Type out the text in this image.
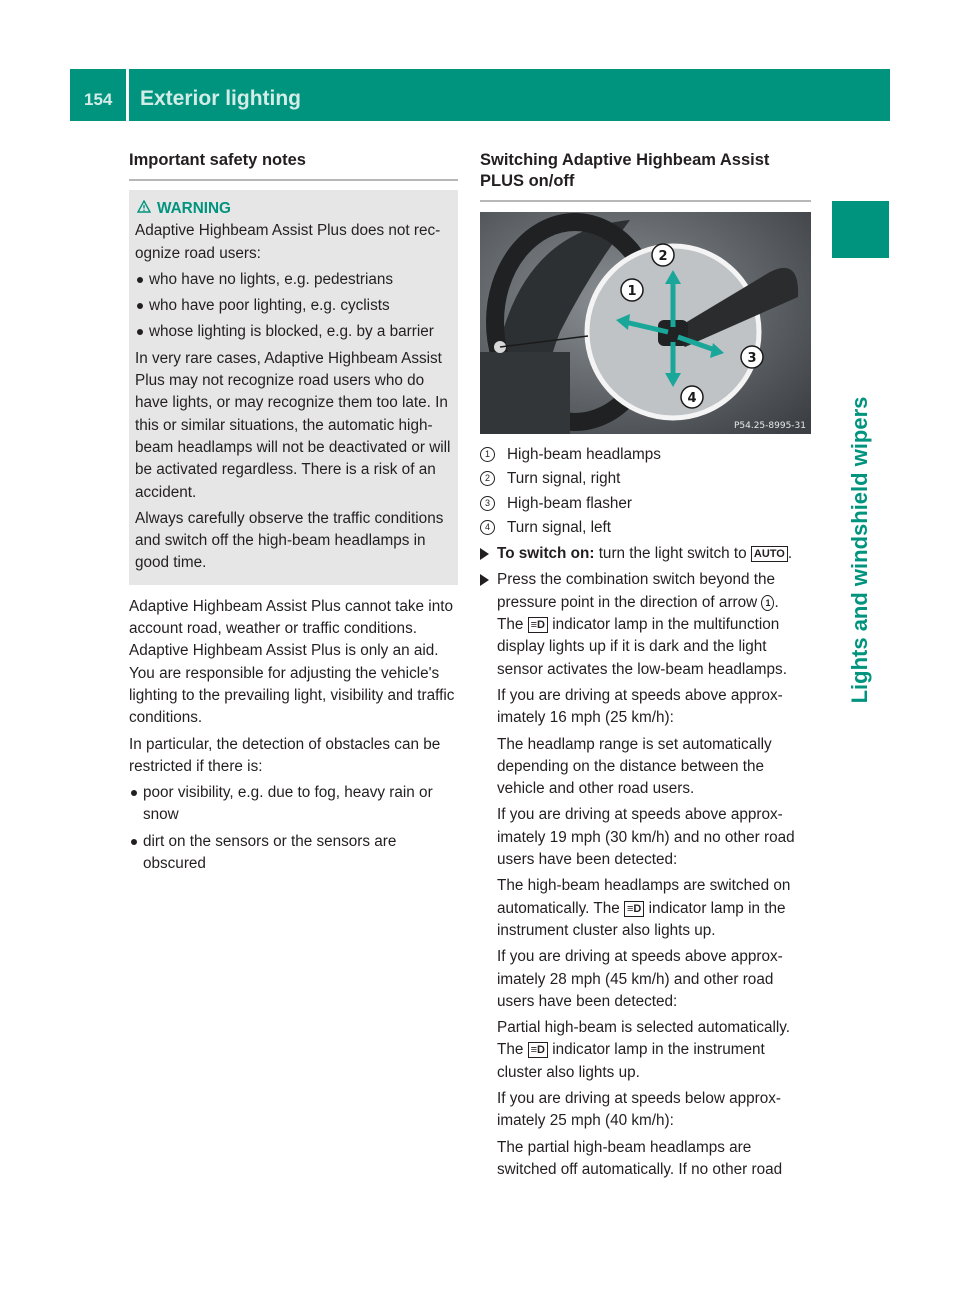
154	Exterior lighting
Lights and windshield wipers
Important safety notes
WARNING

Adaptive Highbeam Assist Plus does not recognize road users:

who have no lights, e.g. pedestrians
who have poor lighting, e.g. cyclists
whose lighting is blocked, e.g. by a barrier

In very rare cases, Adaptive Highbeam Assist Plus may not recognize road users who do have lights, or may recognize them too late. In this or similar situations, the automatic high-beam headlamps will not be deactivated or will be activated regardless. There is a risk of an accident.

Always carefully observe the traffic conditions and switch off the high-beam headlamps in good time.

Adaptive Highbeam Assist Plus cannot take into account road, weather or traffic conditions. Adaptive Highbeam Assist Plus is only an aid. You are responsible for adjusting the vehicle's lighting to the prevailing light, visibility and traffic conditions.

In particular, the detection of obstacles can be restricted if there is:

poor visibility, e.g. due to fog, heavy rain or snow
dirt on the sensors or the sensors are obscured
Switching Adaptive Highbeam Assist PLUS on/off
1
2
3
4
P54.25-8995-31
1	High-beam headlamps
2	Turn signal, right
3	High-beam flasher
4	Turn signal, left
To switch on: turn the light switch to AUTO .
Press the combination switch beyond the pressure point in the direction of arrow 1 .

The ≡D indicator lamp in the multifunction display lights up if it is dark and the light sensor activates the low-beam headlamps.

If you are driving at speeds above approximately 16 mph (25 km/h):

The headlamp range is set automatically depending on the distance between the vehicle and other road users.

If you are driving at speeds above approximately 19 mph (30 km/h) and no other road users have been detected:

The high-beam headlamps are switched on automatically. The ≡D indicator lamp in the instrument cluster also lights up.

If you are driving at speeds above approximately 28 mph (45 km/h) and other road users have been detected:

Partial high-beam is selected automatically. The ≡D indicator lamp in the instrument cluster also lights up.

If you are driving at speeds below approximately 25 mph (40 km/h):

The partial high-beam headlamps are switched off automatically. If no other road
